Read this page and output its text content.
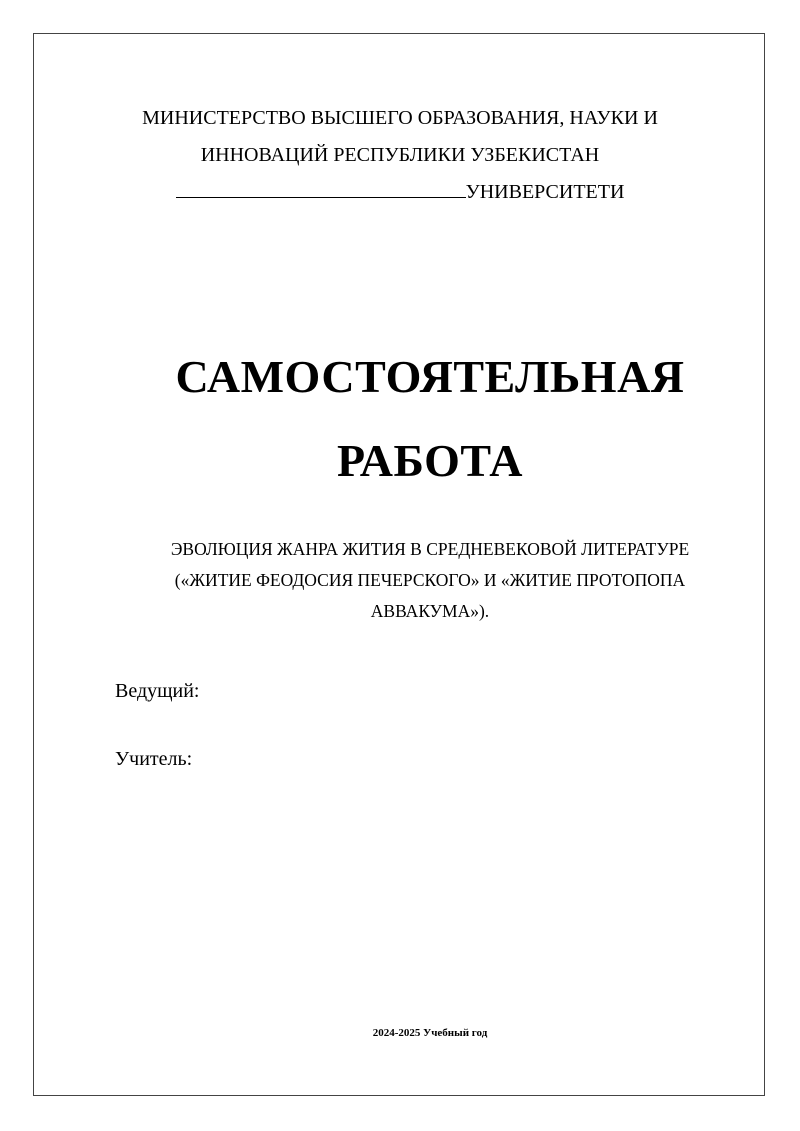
МИНИСТЕРСТВО ВЫСШЕГО ОБРАЗОВАНИЯ, НАУКИ И
ИННОВАЦИЙ РЕСПУБЛИКИ УЗБЕКИСТАН
УНИВЕРСИТЕТИ
САМОСТОЯТЕЛЬНАЯ
РАБОТА
ЭВОЛЮЦИЯ ЖАНРА ЖИТИЯ В СРЕДНЕВЕКОВОЙ ЛИТЕРАТУРЕ
(«ЖИТИЕ ФЕОДОСИЯ ПЕЧЕРСКОГО» И «ЖИТИЕ ПРОТОПОПА
АВВАКУМА»).
Ведущий:
Учитель:
2024-2025 Учебный год
